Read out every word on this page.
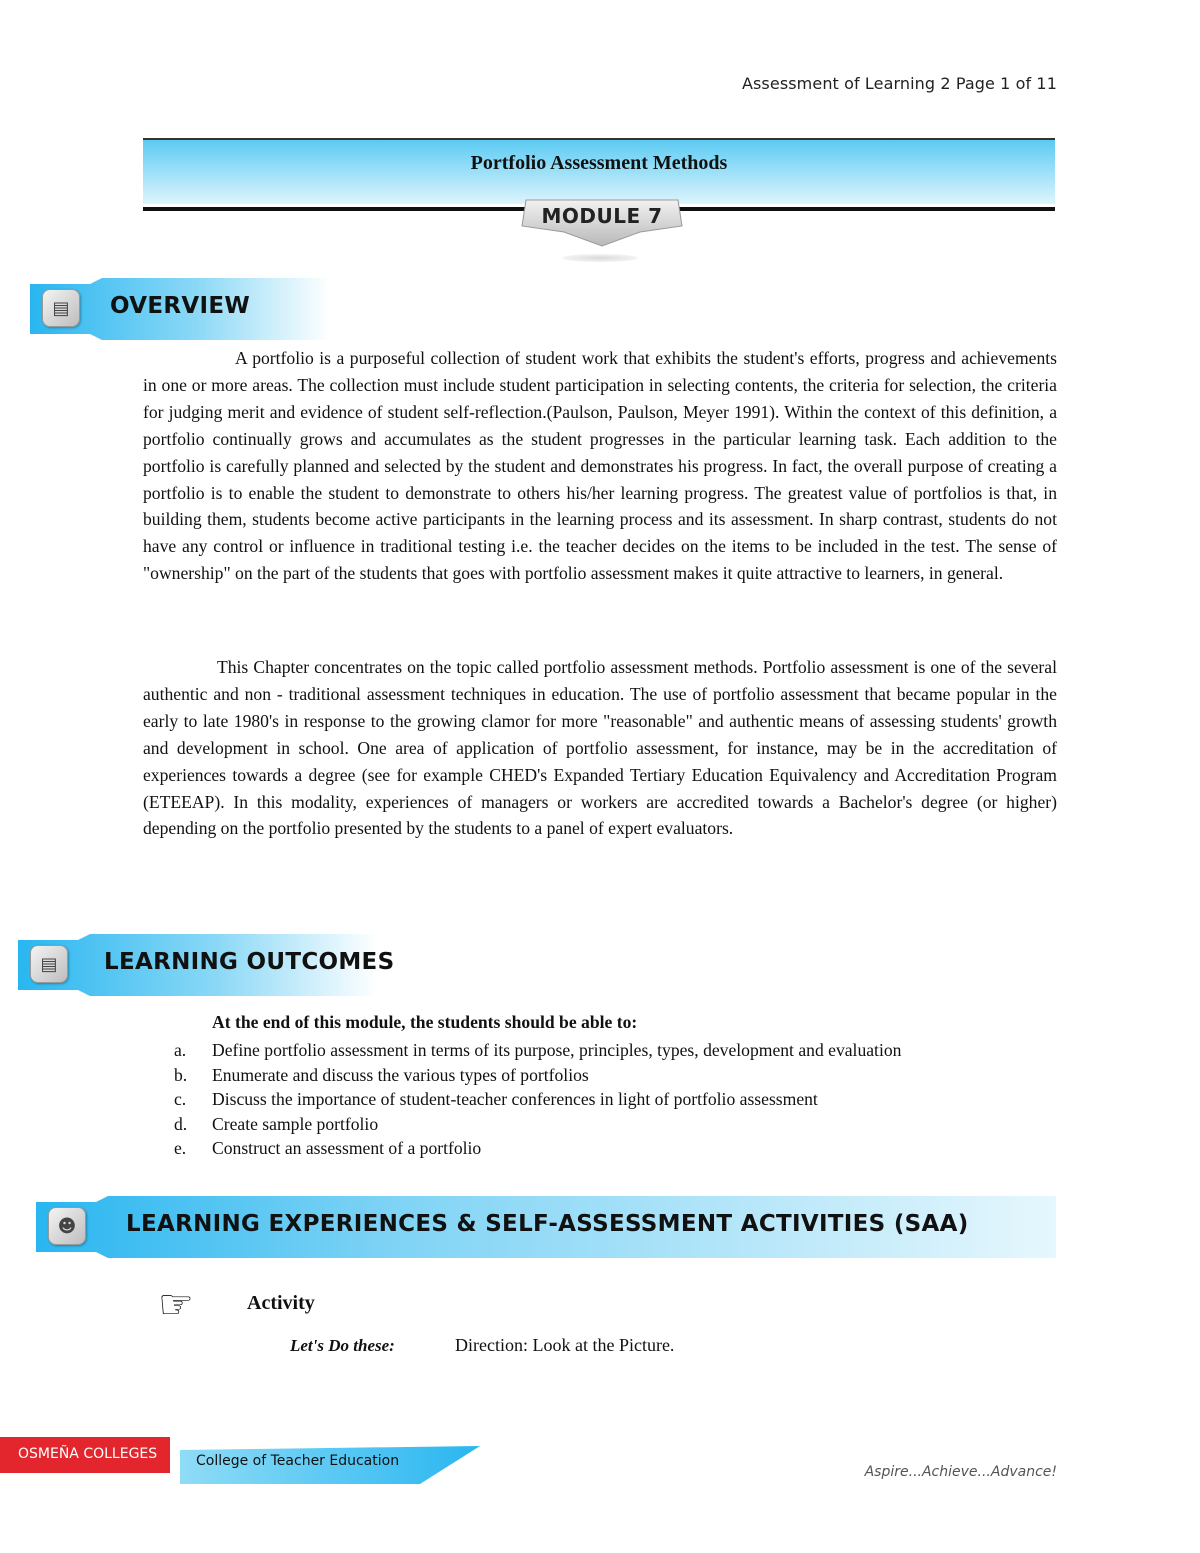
Assessment of Learning 2 Page 1 of 11
Portfolio Assessment Methods
MODULE 7
▤ OVERVIEW

A portfolio is a purposeful collection of student work that exhibits the student's efforts, progress and achievements in one or more areas. The collection must include student participation in selecting contents, the criteria for selection, the criteria for judging merit and evidence of student self-reflection.(Paulson, Paulson, Meyer 1991). Within the context of this definition, a portfolio continually grows and accumulates as the student progresses in the particular learning task. Each addition to the portfolio is carefully planned and selected by the student and demonstrates his progress. In fact, the overall purpose of creating a portfolio is to enable the student to demonstrate to others his/her learning progress. The greatest value of portfolios is that, in building them, students become active participants in the learning process and its assessment. In sharp contrast, students do not have any control or influence in traditional testing i.e. the teacher decides on the items to be included in the test. The sense of "ownership" on the part of the students that goes with portfolio assessment makes it quite attractive to learners, in general.

This Chapter concentrates on the topic called portfolio assessment methods. Portfolio assessment is one of the several authentic and non - traditional assessment techniques in education. The use of portfolio assessment that became popular in the early to late 1980's in response to the growing clamor for more "reasonable" and authentic means of assessing students' growth and development in school. One area of application of portfolio assessment, for instance, may be in the accreditation of experiences towards a degree (see for example CHED's Expanded Tertiary Education Equivalency and Accreditation Program (ETEEAP). In this modality, experiences of managers or workers are accredited towards a Bachelor's degree (or higher) depending on the portfolio presented by the students to a panel of expert evaluators.

▤ LEARNING OUTCOMES
At the end of this module, the students should be able to:
a.	Define portfolio assessment in terms of its purpose, principles, types, development and evaluation
b.	Enumerate and discuss the various types of portfolios
c.	Discuss the importance of student-teacher conferences in light of portfolio assessment
d.	Create sample portfolio
e.	Construct an assessment of a portfolio
☻ LEARNING EXPERIENCES & SELF-ASSESSMENT ACTIVITIES (SAA)
☞	Activity
Let's Do these:	Direction: Look at the Picture.
OSMEÑA COLLEGES	College of Teacher Education
Aspire...Achieve...Advance!
